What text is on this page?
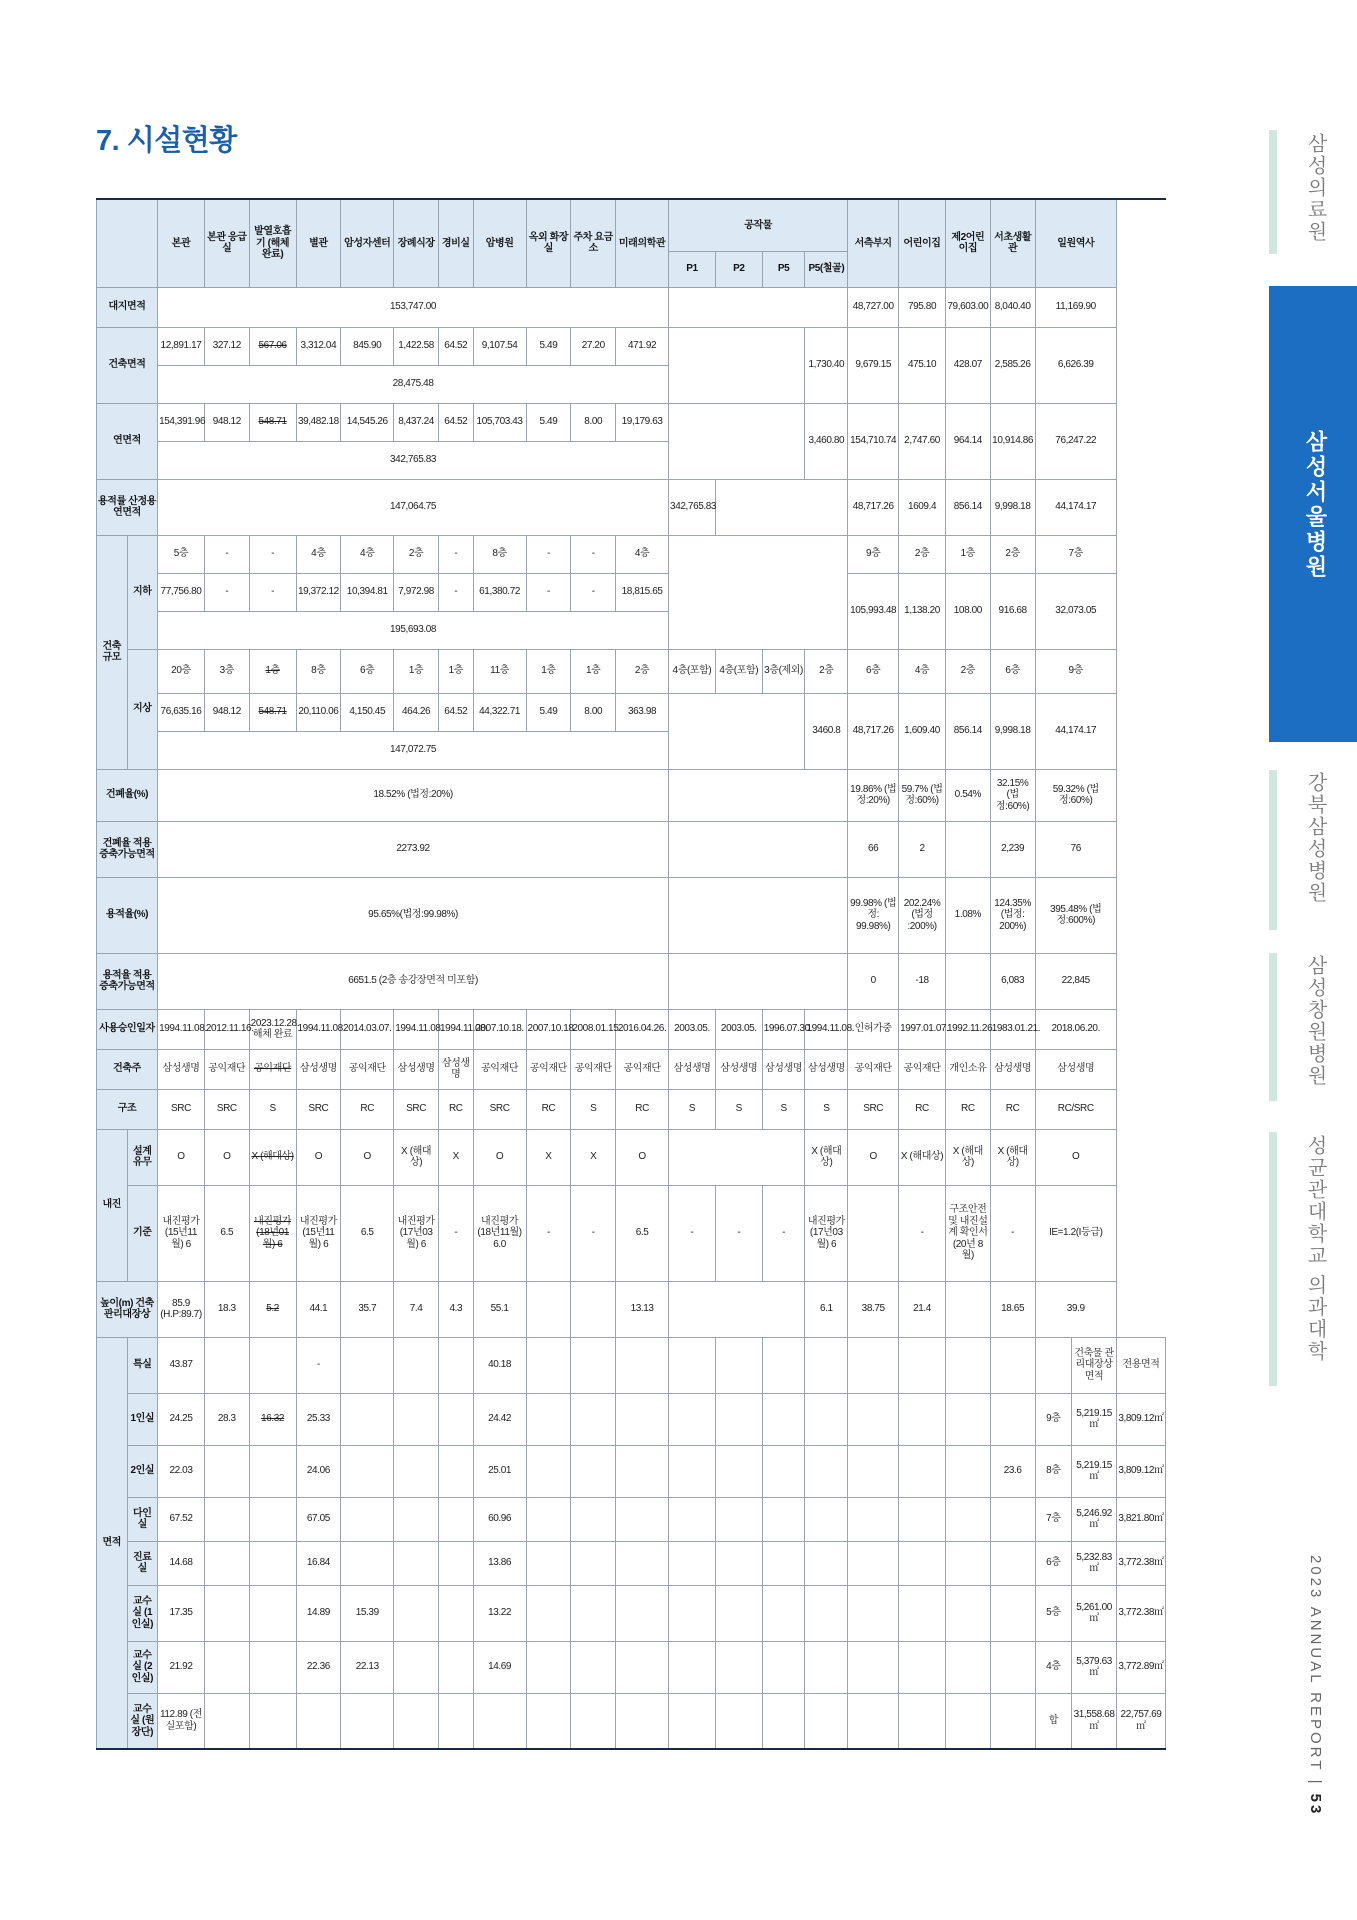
7. 시설현황
		본관	본관 응급실	발열호흡기 (해체 완료)	별관	암성자센터	장례식장	경비실	암병원	옥외 화장실	주차 요금소	미래의학관	공작물				서측부지	어린이집	제2어린이집	서초생활관	일원역사		
													P1	P2	P5	P5(철골)							
대지면적		153,747.00															48,727.00	795.80	79,603.00	8,040.40	11,169.90		
건축면적		12,891.17	327.12	567.06	3,312.04	845.90	1,422.58	64.52	9,107.54	5.49	27.20	471.92				1,730.40	9,679.15	475.10	428.07	2,585.26	6,626.39		
		28,475.48																					
연면적		154,391.96	948.12	548.71	39,482.18	14,545.26	8,437.24	64.52	105,703.43	5.49	8.00	19,179.63				3,460.80	154,710.74	2,747.60	964.14	10,914.86	76,247.22		
		342,765.83																					
용적률 산정용 연면적		147,064.75											342,765.83				48,717.26	1609.4	856.14	9,998.18	44,174.17		
건축 규모	지하	5층	-	-	4층	4층	2층	-	8층	-	-	4층					9층	2층	1층	2층	7층		
		77,756.80	-	-	19,372.12	10,394.81	7,972.98	-	61,380.72	-	-	18,815.65					105,993.48	1,138.20	108.00	916.68	32,073.05		
		195,693.08																					
	지상	20층	3층	1층	8층	6층	1층	1층	11층	1층	1층	2층	4층(포함)	4층(포함)	3층(제외)	2층	6층	4층	2층	6층	9층		
		76,635.16	948.12	548.71	20,110.06	4,150.45	464.26	64.52	44,322.71	5.49	8.00	363.98				3460.8	48,717.26	1,609.40	856.14	9,998.18	44,174.17		
		147,072.75																					
건폐율(%)		18.52% (법정:20%)															19.86% (법정:20%)	59.7% (법정:60%)	0.54%	32.15% (법정:60%)	59.32% (법정:60%)		
건폐율 적용 증축가능면적		2273.92															66	2		2,239	76		
용적율(%)		95.65%(법정:99.98%)															99.98% (법정: 99.98%)	202.24% (법정 :200%)	1.08%	124.35% (법정: 200%)	395.48% (법정:600%)		
용적율 적용 증축가능면적		6651.5 (2층 송강장면적 미포함)															0	-18		6,083	22,845		
사용승인일자		1994.11.08.	2012.11.16.	2023.12.28. 해체 완료	1994.11.08.	2014.03.07.	1994.11.08.	1994.11.08.	2007.10.18.	2007.10.18.	2008.01.15.	2016.04.26.	2003.05.	2003.05.	1996.07.30.	1994.11.08.	인허가중	1997.01.07.	1992.11.26.	1983.01.21.	2018.06.20.		
건축주		삼성생명	공익재단	공익재단	삼성생명	공익재단	삼성생명	삼성생명	공익재단	공익재단	공익재단	공익재단	삼성생명	삼성생명	삼성생명	삼성생명	공익재단	공익재단	개인소유	삼성생명	삼성생명		
구조		SRC	SRC	S	SRC	RC	SRC	RC	SRC	RC	S	RC	S	S	S	S	SRC	RC	RC	RC	RC/SRC		
내진	설계 유무	O	O	X (해대상)	O	O	X (해대상)	X	O	X	X	O				X (해대상)	O	X (해대상)	X (해대상)	X (해대상)	O		
	기준	내진평가 (15년11월) 6	6.5	내진평가 (18년01월) 6	내진평가 (15년11월) 6	6.5	내진평가 (17년03월) 6	-	내진평가 (18년11월) 6.0	-	-	6.5	-	-	-	내진평가 (17년03월) 6		-	구조안전 및 내진설계 확인서 (20년 8월)	-	IE=1.2(I등급)		
높이(m) 건축관리대장상		85.9 (H.P:89.7)	18.3	5.2	44.1	35.7	7.4	4.3	55.1			13.13				6.1	38.75	21.4		18.65	39.9		
면적	특실	43.87			-				40.18													건축물 관리대장상면적	전용면적
	1인실	24.25	28.3	16.32	25.33				24.42												9층	5,219.15㎡	3,809.12㎡
	2인실	22.03			24.06				25.01											23.6	8층	5,219.15㎡	3,809.12㎡
	다인실	67.52			67.05				60.96												7층	5,246.92㎡	3,821.80㎡
	진료실	14.68			16.84				13.86												6층	5,232.83㎡	3,772.38㎡
	교수실 (1인실)	17.35			14.89	15.39			13.22												5층	5,261.00㎡	3,772.38㎡
	교수실 (2인실)	21.92			22.36	22.13			14.69												4층	5,379.63㎡	3,772.89㎡
	교수실 (원장단)	112.89 (전실포함)																			합	31,558.68㎡	22,757.69㎡
삼성의료원
삼성서울병원
강북삼성병원
삼성창원병원
성균관대학교 의과대학
2023 ANNUAL REPORT | 53
